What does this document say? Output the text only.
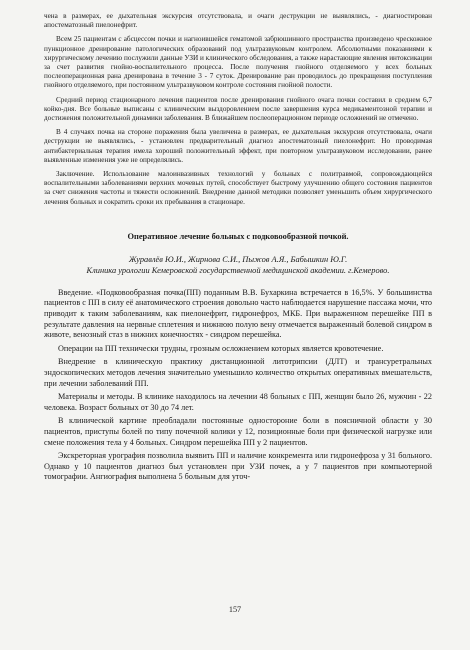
чена в размерах, ее дыхательная экскурсия отсутствовала, и очаги деструкции не выявлялись, - диагностирован апостематозный пиелонефрит.

Всем 25 пациентам с абсцессом почки и нагноившейся гематомой забрюшинного пространства произведено чрескожное пункционное дренирование патологических образований под ультразвуковым контролем. Абсолютными показаниями к хирургическому лечению послужили данные УЗИ и клинического обследования, а также нарастающие явления интоксикации за счет развития гнойно-воспалительного процесса. После получения гнойного отделяемого у всех больных послеоперационная рана дренирована в течение 3 - 7 суток. Дренирование ран проводилось до прекращения поступления гнойного отделяемого, при постоянном ультразвуковом контроле состояния гнойной полости.

Средний период стационарного лечения пациентов после дренирования гнойного очага почки составил в среднем 6,7 койко-дня. Все больные выписаны с клиническим выздоровлением после завершения курса медикаментозной терапии и достижения положительной динамики заболевания. В ближайшем послеоперационном периоде осложнений не отмечено.

В 4 случаях почка на стороне поражения была увеличена в размерах, ее дыхательная экскурсия отсутствовала, очаги деструкции не выявлялись, - установлен предварительный диагноз апостематозный пиелонефрит. Но проводимая антибактериальная терапия имела хороший положительный эффект, при повторном ультразвуковом исследовании, ранее выявленные изменения уже не определялись.

Заключение. Использование малоинвазивных технологий у больных с политравмой, сопровождающейся воспалительными заболеваниями верхних мочевых путей, способствует быстрому улучшению общего состояния пациентов за счет снижения частоты и тяжести осложнений. Внедрение данной методики позволяет уменьшить объем хирургического лечения больных и сократить сроки их пребывания в стационаре.

Оперативное лечение больных с подковообразной почкой.
Журавлёв Ю.И., Жирнова С.И., Пыжов А.Я., Бабышкин Ю.Г.
Клиника урологии Кемеровской государственной медицинской академии. г.Кемерово.

Введение. «Подковообразная почка(ПП) поданным В.В. Бухаркина встречается в 16,5%. У большинства пациентов с ПП в силу её анатомического строения довольно часто наблюдается нарушение пассажа мочи, что приводит к таким заболеваниям, как пиелонефрит, гидронефроз, МКБ. При выраженном перешейке ПП в результате давления на нервные сплетения и нижнюю полую вену отмечается выраженный болевой синдром в животе, венозный стаз в нижних конечностях - синдром перешейка.

Операции на ПП технически трудны, грозным осложнением которых является кровотечение.

Внедрение в клиническую практику дистанционной литотрипсии (ДЛТ) и трансуретральных эндоскопических методов лечения значительно уменьшило количество открытых оперативных вмешательств, при лечении заболеваний ПП.

Материалы и методы. В клинике находилось на лечении 48 больных с ПП, женщин было 26, мужчин - 22 человека. Возраст больных от 30 до 74 лет.

В клинической картине преобладали постоянные одностороние боли в поясничной области у 30 пациентов, приступы болей по типу почечной колики у 12, позиционные боли при физической нагрузке или смене положения тела у 4 больных. Синдром перешейка ПП у 2 пациентов.

Экскреторная урография позволила выявить ПП и наличие конкремента или гидронефроза у 31 больного. Однако у 10 пациентов диагноз был установлен при УЗИ почек, а у 7 пациентов при компьютерной томографии. Ангиография выполнена 5 больным для уточ-

157
